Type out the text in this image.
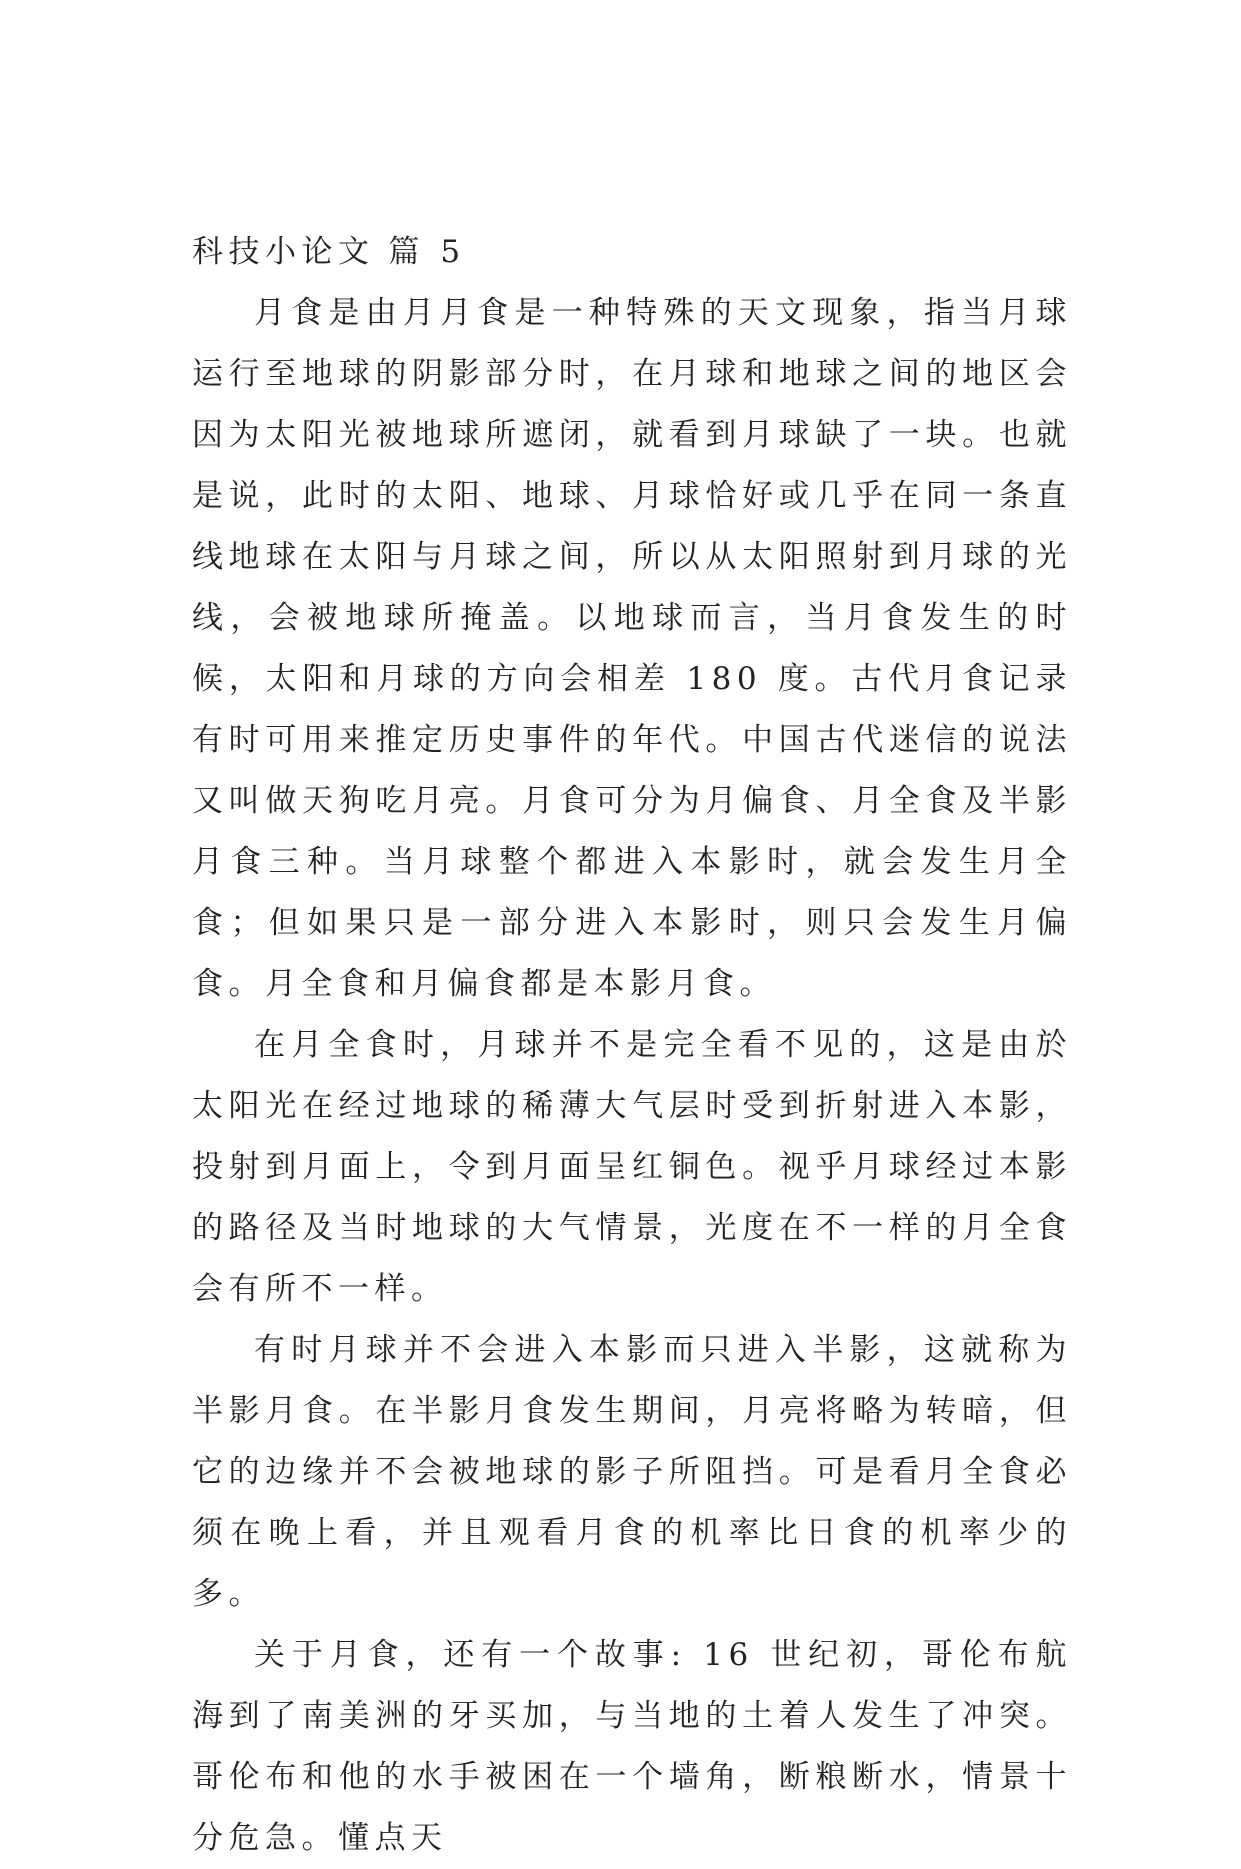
科技小论文 篇 5

月食是由月月食是一种特殊的天文现象，指当月球运行至地球的阴影部分时，在月球和地球之间的地区会因为太阳光被地球所遮闭，就看到月球缺了一块。也就是说，此时的太阳、地球、月球恰好或几乎在同一条直线地球在太阳与月球之间，所以从太阳照射到月球的光线，会被地球所掩盖。以地球而言，当月食发生的时候，太阳和月球的方向会相差 180 度。古代月食记录有时可用来推定历史事件的年代。中国古代迷信的说法又叫做天狗吃月亮。月食可分为月偏食、月全食及半影月食三种。当月球整个都进入本影时，就会发生月全食；但如果只是一部分进入本影时，则只会发生月偏食。月全食和月偏食都是本影月食。

在月全食时，月球并不是完全看不见的，这是由於太阳光在经过地球的稀薄大气层时受到折射进入本影，投射到月面上，令到月面呈红铜色。视乎月球经过本影的路径及当时地球的大气情景，光度在不一样的月全食会有所不一样。

有时月球并不会进入本影而只进入半影，这就称为半影月食。在半影月食发生期间，月亮将略为转暗，但它的边缘并不会被地球的影子所阻挡。可是看月全食必须在晚上看，并且观看月食的机率比日食的机率少的多。

关于月食，还有一个故事: 16 世纪初，哥伦布航海到了南美洲的牙买加，与当地的土着人发生了冲突。哥伦布和他的水手被困在一个墙角，断粮断水，情景十分危急。懂点天
